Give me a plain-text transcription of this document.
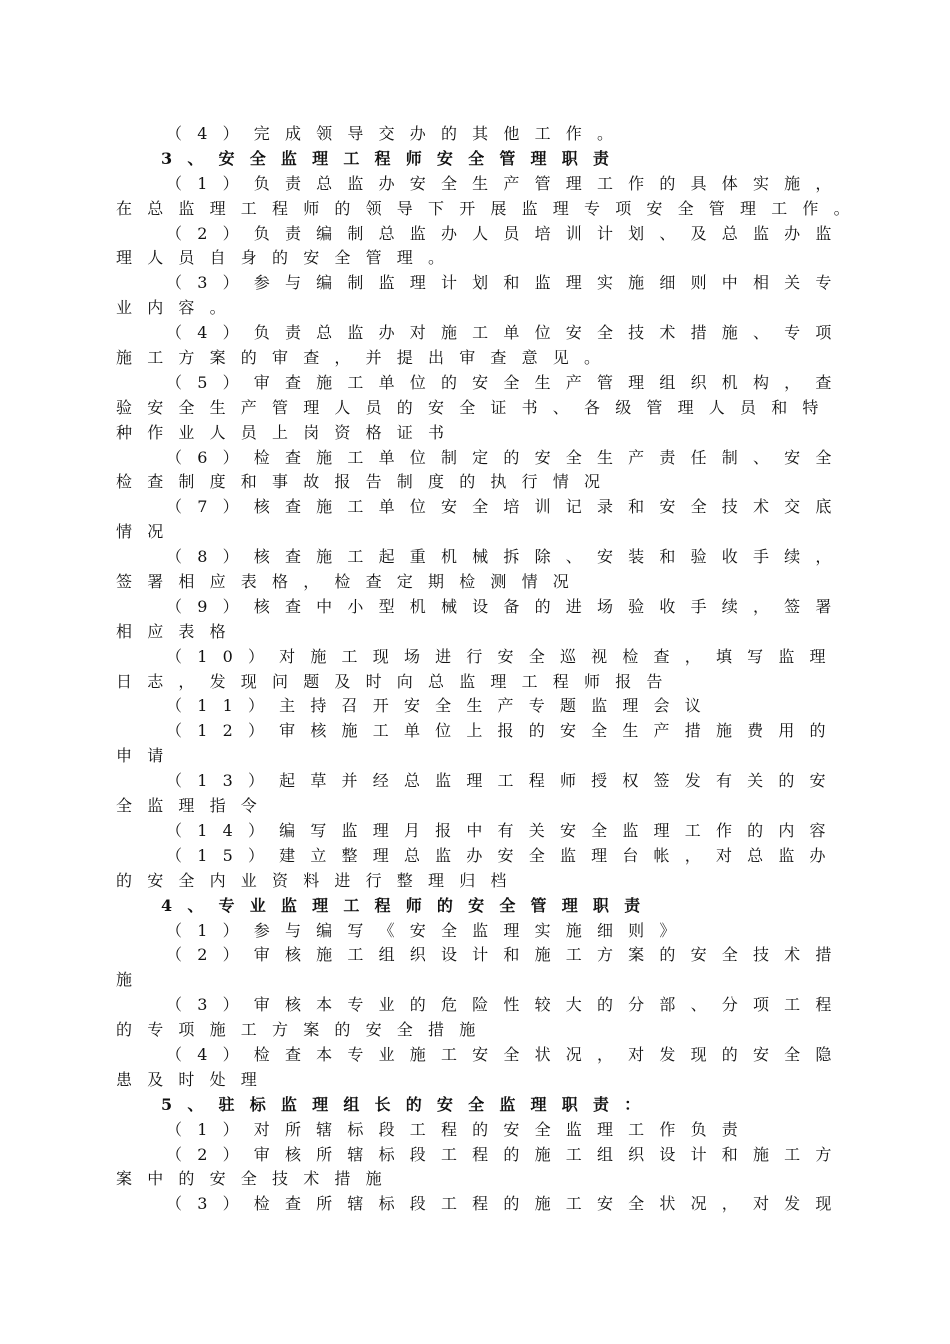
（4）完成领导交办的其他工作。
3、安全监理工程师安全管理职责
（1）负责总监办安全生产管理工作的具体实施，
在总监理工程师的领导下开展监理专项安全管理工作。
（2）负责编制总监办人员培训计划、及总监办监
理人员自身的安全管理。
（3）参与编制监理计划和监理实施细则中相关专
业内容。
（4）负责总监办对施工单位安全技术措施、专项
施工方案的审查，并提出审查意见。
（5）审查施工单位的安全生产管理组织机构，查
验安全生产管理人员的安全证书、各级管理人员和特
种作业人员上岗资格证书
（6）检查施工单位制定的安全生产责任制、安全
检查制度和事故报告制度的执行情况
（7）核查施工单位安全培训记录和安全技术交底
情况
（8）核查施工起重机械拆除、安装和验收手续，
签署相应表格，检查定期检测情况
（9）核查中小型机械设备的进场验收手续，签署
相应表格
（10）对施工现场进行安全巡视检查，填写监理
日志，发现问题及时向总监理工程师报告
（11）主持召开安全生产专题监理会议
（12）审核施工单位上报的安全生产措施费用的
申请
（13）起草并经总监理工程师授权签发有关的安
全监理指令
（14）编写监理月报中有关安全监理工作的内容
（15）建立整理总监办安全监理台帐，对总监办
的安全内业资料进行整理归档
4、专业监理工程师的安全管理职责
（1）参与编写《安全监理实施细则》
（2）审核施工组织设计和施工方案的安全技术措
施
（3）审核本专业的危险性较大的分部、分项工程
的专项施工方案的安全措施
（4）检查本专业施工安全状况，对发现的安全隐
患及时处理
5、驻标监理组长的安全监理职责：
（1）对所辖标段工程的安全监理工作负责
（2）审核所辖标段工程的施工组织设计和施工方
案中的安全技术措施
（3）检查所辖标段工程的施工安全状况，对发现
